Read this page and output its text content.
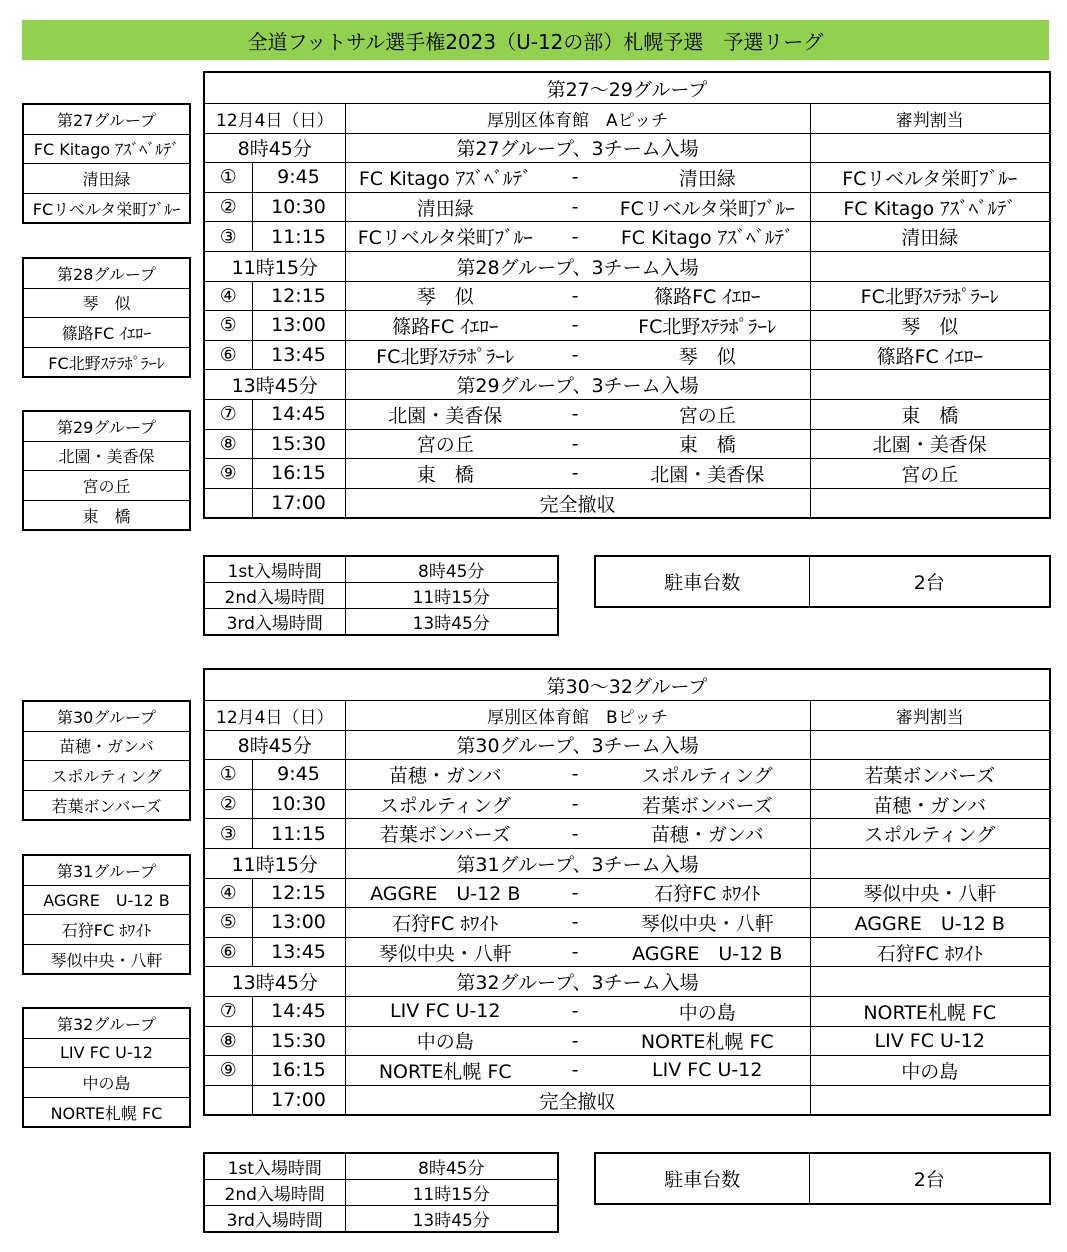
全道フットサル選手権2023（U-12の部）札幌予選　予選リーグ
第27グループ
FC Kitago ｱｽﾞﾍﾞﾙﾃﾞ
清田緑
FCリベルタ栄町ﾌﾞﾙｰ
第28グループ
琴　似
篠路FC ｲｴﾛｰ
FC北野ｽﾃﾗﾎﾟﾗｰﾚ
第29グループ
北園・美香保
宮の丘
東　橋
第27～29グループ					
12月4日（日）		厚別区体育館　Aピッチ			審判割当
8時45分		第27グループ、3チーム入場			
①	9:45	FC Kitago ｱｽﾞﾍﾞﾙﾃﾞ	-	清田緑	FCリベルタ栄町ﾌﾞﾙｰ
②	10:30	清田緑	-	FCリベルタ栄町ﾌﾞﾙｰ	FC Kitago ｱｽﾞﾍﾞﾙﾃﾞ
③	11:15	FCリベルタ栄町ﾌﾞﾙｰ	-	FC Kitago ｱｽﾞﾍﾞﾙﾃﾞ	清田緑
11時15分		第28グループ、3チーム入場			
④	12:15	琴　似	-	篠路FC ｲｴﾛｰ	FC北野ｽﾃﾗﾎﾟﾗｰﾚ
⑤	13:00	篠路FC ｲｴﾛｰ	-	FC北野ｽﾃﾗﾎﾟﾗｰﾚ	琴　似
⑥	13:45	FC北野ｽﾃﾗﾎﾟﾗｰﾚ	-	琴　似	篠路FC ｲｴﾛｰ
13時45分		第29グループ、3チーム入場			
⑦	14:45	北園・美香保	-	宮の丘	東　橋
⑧	15:30	宮の丘	-	東　橋	北園・美香保
⑨	16:15	東　橋	-	北園・美香保	宮の丘
	17:00	完全撤収			
1st入場時間	8時45分
2nd入場時間	11時15分
3rd入場時間	13時45分
駐車台数	2台
第30グループ
苗穂・ガンバ
スポルティング
若葉ボンバーズ
第31グループ
AGGRE　U-12 B
石狩FC ﾎﾜｲﾄ
琴似中央・八軒
第32グループ
LIV FC U-12
中の島
NORTE札幌 FC
第30～32グループ					
12月4日（日）		厚別区体育館　Bピッチ			審判割当
8時45分		第30グループ、3チーム入場			
①	9:45	苗穂・ガンバ	-	スポルティング	若葉ボンバーズ
②	10:30	スポルティング	-	若葉ボンバーズ	苗穂・ガンバ
③	11:15	若葉ボンバーズ	-	苗穂・ガンバ	スポルティング
11時15分		第31グループ、3チーム入場			
④	12:15	AGGRE　U-12 B	-	石狩FC ﾎﾜｲﾄ	琴似中央・八軒
⑤	13:00	石狩FC ﾎﾜｲﾄ	-	琴似中央・八軒	AGGRE　U-12 B
⑥	13:45	琴似中央・八軒	-	AGGRE　U-12 B	石狩FC ﾎﾜｲﾄ
13時45分		第32グループ、3チーム入場			
⑦	14:45	LIV FC U-12	-	中の島	NORTE札幌 FC
⑧	15:30	中の島	-	NORTE札幌 FC	LIV FC U-12
⑨	16:15	NORTE札幌 FC	-	LIV FC U-12	中の島
	17:00	完全撤収			
1st入場時間	8時45分
2nd入場時間	11時15分
3rd入場時間	13時45分
駐車台数	2台
